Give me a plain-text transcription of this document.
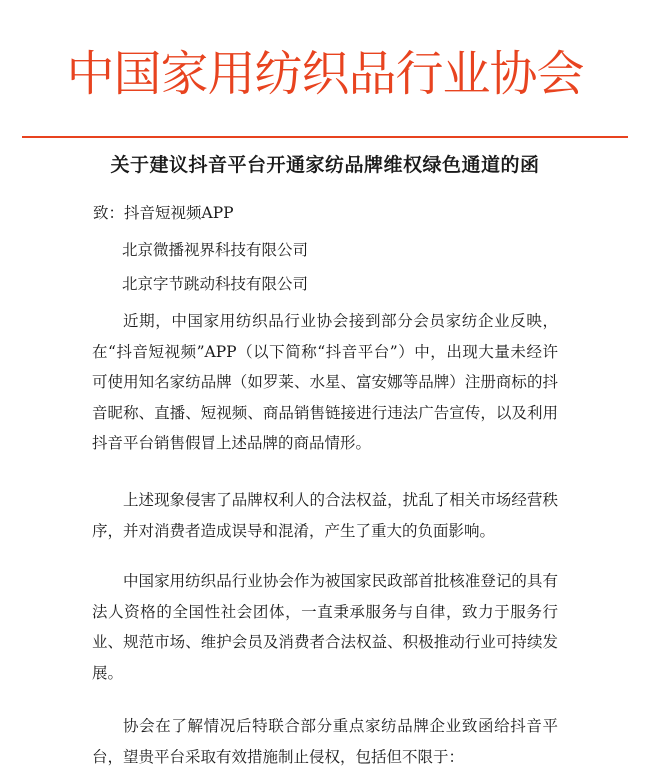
中国家用纺织品行业协会
关于建议抖音平台开通家纺品牌维权绿色通道的函
致：抖音短视频APP
北京微播视界科技有限公司
北京字节跳动科技有限公司

近期，中国家用纺织品行业协会接到部分会员家纺企业反映，在“抖音短视频”APP（以下简称“抖音平台”）中，出现大量未经许可使用知名家纺品牌（如罗莱、水星、富安娜等品牌）注册商标的抖音昵称、直播、短视频、商品销售链接进行违法广告宣传，以及利用抖音平台销售假冒上述品牌的商品情形。

上述现象侵害了品牌权利人的合法权益，扰乱了相关市场经营秩序，并对消费者造成误导和混淆，产生了重大的负面影响。

中国家用纺织品行业协会作为被国家民政部首批核准登记的具有法人资格的全国性社会团体，一直秉承服务与自律，致力于服务行业、规范市场、维护会员及消费者合法权益、积极推动行业可持续发展。

协会在了解情况后特联合部分重点家纺品牌企业致函给抖音平台，望贵平台采取有效措施制止侵权，包括但不限于：
